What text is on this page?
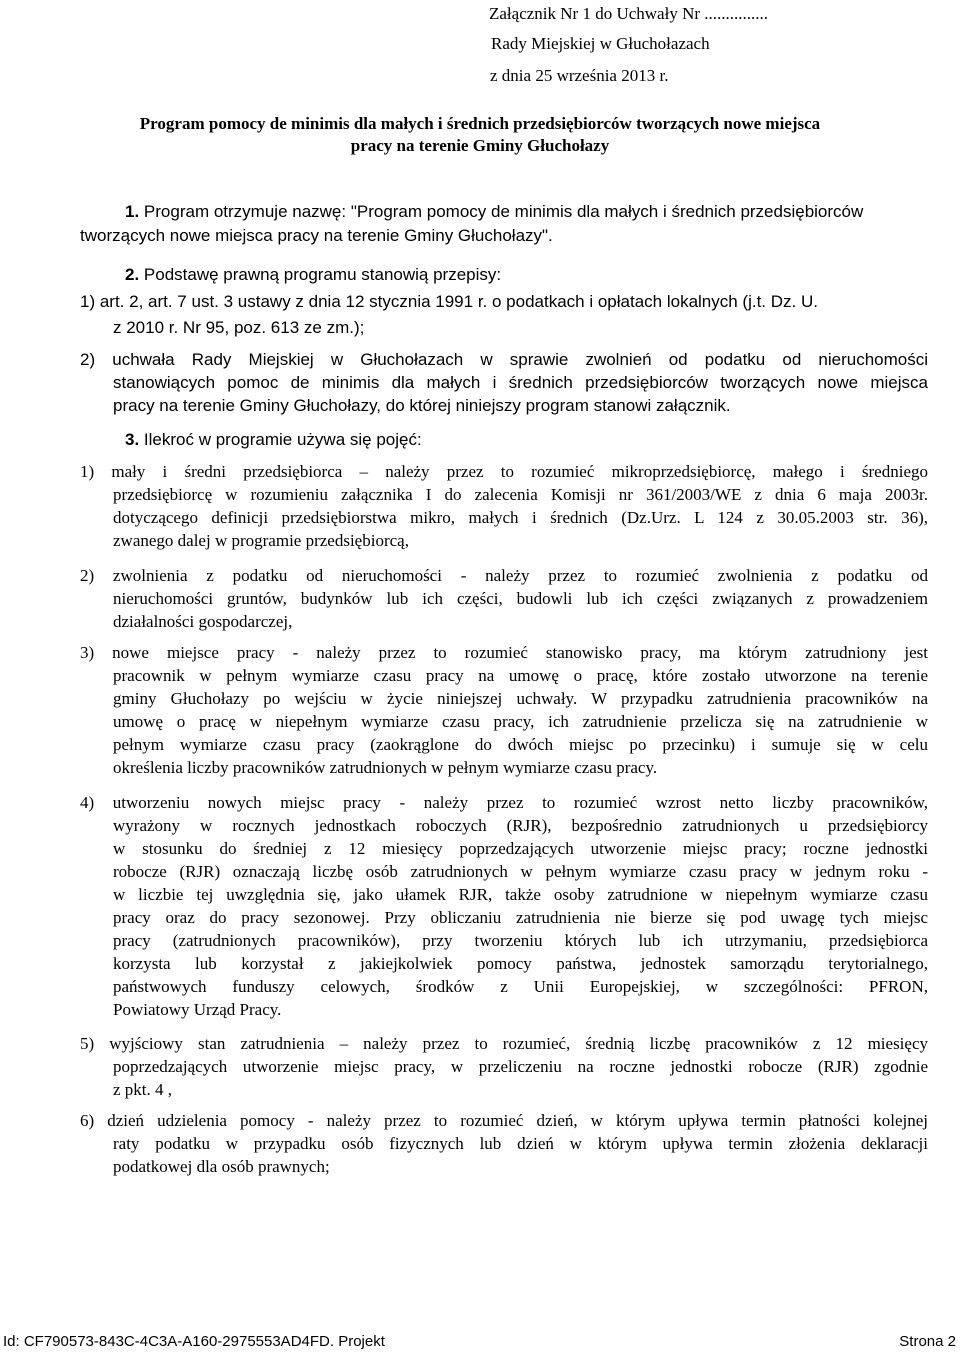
Załącznik Nr 1 do Uchwały Nr ...............
Rady Miejskiej w Głuchołazach
z dnia 25 września 2013 r.
Program pomocy de minimis dla małych i średnich przedsiębiorców tworzących nowe miejsca
pracy na terenie Gminy Głuchołazy
1. Program otrzymuje nazwę: "Program pomocy de minimis dla małych i średnich przedsiębiorców
tworzących nowe miejsca pracy na terenie Gminy Głuchołazy".
2. Podstawę prawną programu stanowią przepisy:
1) art. 2, art. 7 ust. 3 ustawy z dnia 12 stycznia 1991 r. o podatkach i opłatach lokalnych (j.t. Dz. U.
z 2010 r. Nr 95, poz. 613 ze zm.);
2) uchwała Rady Miejskiej w Głuchołazach w sprawie zwolnień od podatku od nieruchomości
stanowiących pomoc de minimis dla małych i średnich przedsiębiorców tworzących nowe miejsca
pracy na terenie Gminy Głuchołazy, do której niniejszy program stanowi załącznik.
3. Ilekroć w programie używa się pojęć:
1) mały i średni przedsiębiorca – należy przez to rozumieć mikroprzedsiębiorcę, małego i średniego
przedsiębiorcę w rozumieniu załącznika I do zalecenia Komisji nr 361/2003/WE z dnia 6 maja 2003r.
dotyczącego definicji przedsiębiorstwa mikro, małych i średnich (Dz.Urz. L 124 z 30.05.2003 str. 36),
zwanego dalej w programie przedsiębiorcą,
2) zwolnienia z podatku od nieruchomości - należy przez to rozumieć zwolnienia z podatku od
nieruchomości gruntów, budynków lub ich części, budowli lub ich części związanych z prowadzeniem
działalności gospodarczej,
3) nowe miejsce pracy - należy przez to rozumieć stanowisko pracy, ma którym zatrudniony jest
pracownik w pełnym wymiarze czasu pracy na umowę o pracę, które zostało utworzone na terenie
gminy Głuchołazy po wejściu w życie niniejszej uchwały. W przypadku zatrudnienia pracowników na
umowę o pracę w niepełnym wymiarze czasu pracy, ich zatrudnienie przelicza się na zatrudnienie w
pełnym wymiarze czasu pracy (zaokrąglone do dwóch miejsc po przecinku) i sumuje się w celu
określenia liczby pracowników zatrudnionych w pełnym wymiarze czasu pracy.
4) utworzeniu nowych miejsc pracy - należy przez to rozumieć wzrost netto liczby pracowników,
wyrażony w rocznych jednostkach roboczych (RJR), bezpośrednio zatrudnionych u przedsiębiorcy
w stosunku do średniej z 12 miesięcy poprzedzających utworzenie miejsc pracy; roczne jednostki
robocze (RJR) oznaczają liczbę osób zatrudnionych w pełnym wymiarze czasu pracy w jednym roku -
w liczbie tej uwzględnia się, jako ułamek RJR, także osoby zatrudnione w niepełnym wymiarze czasu
pracy oraz do pracy sezonowej. Przy obliczaniu zatrudnienia nie bierze się pod uwagę tych miejsc
pracy (zatrudnionych pracowników), przy tworzeniu których lub ich utrzymaniu, przedsiębiorca
korzysta lub korzystał z jakiejkolwiek pomocy państwa, jednostek samorządu terytorialnego,
państwowych funduszy celowych, środków z Unii Europejskiej, w szczególności: PFRON,
Powiatowy Urząd Pracy.
5) wyjściowy stan zatrudnienia – należy przez to rozumieć, średnią liczbę pracowników z 12 miesięcy
poprzedzających utworzenie miejsc pracy, w przeliczeniu na roczne jednostki robocze (RJR) zgodnie
z pkt. 4 ,
6) dzień udzielenia pomocy - należy przez to rozumieć dzień, w którym upływa termin płatności kolejnej
raty podatku w przypadku osób fizycznych lub dzień w którym upływa termin złożenia deklaracji
podatkowej dla osób prawnych;
Id: CF790573-843C-4C3A-A160-2975553AD4FD. Projekt	Strona 2
